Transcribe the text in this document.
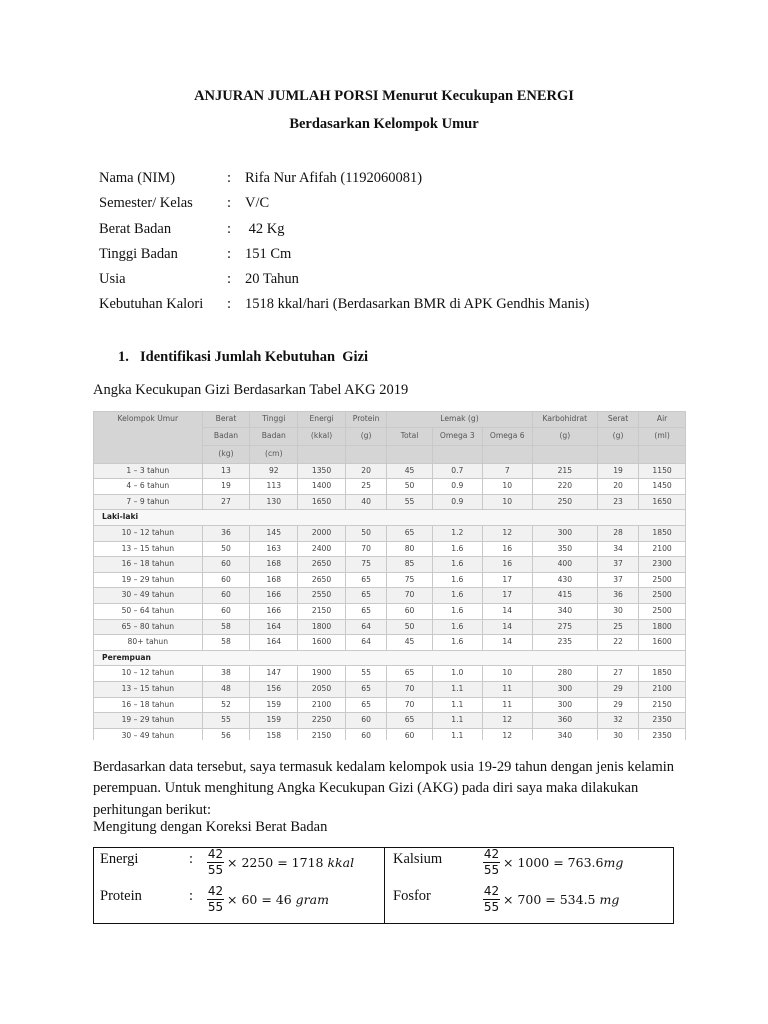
ANJURAN JUMLAH PORSI Menurut Kecukupan ENERGI
Berdasarkan Kelompok Umur
Nama (NIM)	: Rifa Nur Afifah (1192060081)
Semester/ Kelas : V/C
Berat Badan	: 42 Kg
Tinggi Badan	: 151 Cm
Usia	: 20 Tahun
Kebutuhan Kalori : 1518 kkal/hari (Berdasarkan BMR di APK Gendhis Manis)
1. Identifikasi Jumlah Kebutuhan  Gizi
Angka Kecukupan Gizi Berdasarkan Tabel AKG 2019
Kelompok Umur	Berat	Tinggi	Energi	Protein	Lemak (g)			Karbohidrat	Serat	Air
	Badan	Badan	(kkal)	(g)	Total	Omega 3	Omega 6	(g)	(g)	(ml)
	(kg)	(cm)								
1 – 3 tahun	13	92	1350	20	45	0.7	7	215	19	1150
4 – 6 tahun	19	113	1400	25	50	0.9	10	220	20	1450
7 – 9 tahun	27	130	1650	40	55	0.9	10	250	23	1650
Laki-laki										
10 – 12 tahun	36	145	2000	50	65	1.2	12	300	28	1850
13 – 15 tahun	50	163	2400	70	80	1.6	16	350	34	2100
16 – 18 tahun	60	168	2650	75	85	1.6	16	400	37	2300
19 – 29 tahun	60	168	2650	65	75	1.6	17	430	37	2500
30 – 49 tahun	60	166	2550	65	70	1.6	17	415	36	2500
50 – 64 tahun	60	166	2150	65	60	1.6	14	340	30	2500
65 – 80 tahun	58	164	1800	64	50	1.6	14	275	25	1800
80+ tahun	58	164	1600	64	45	1.6	14	235	22	1600
Perempuan										
10 – 12 tahun	38	147	1900	55	65	1.0	10	280	27	1850
13 – 15 tahun	48	156	2050	65	70	1.1	11	300	29	2100
16 – 18 tahun	52	159	2100	65	70	1.1	11	300	29	2150
19 – 29 tahun	55	159	2250	60	65	1.1	12	360	32	2350
30 – 49 tahun	56	158	2150	60	60	1.1	12	340	30	2350
Berdasarkan data tersebut, saya termasuk kedalam kelompok usia 19-29 tahun dengan jenis kelamin perempuan. Untuk menghitung Angka Kecukupan Gizi (AKG) pada diri saya maka dilakukan perhitungan berikut:
Mengitung dengan Koreksi Berat Badan
Energi	: $\frac{42}{55} \times 2250 = 1718$ kkal
Protein	: $\frac{42}{55} \times 60 = 46$ gram
Kalsium	$\frac{42}{55} \times 1000 = 763.6mg$
Fosfor	$\frac{42}{55} \times 700 = 534.5$ mg
